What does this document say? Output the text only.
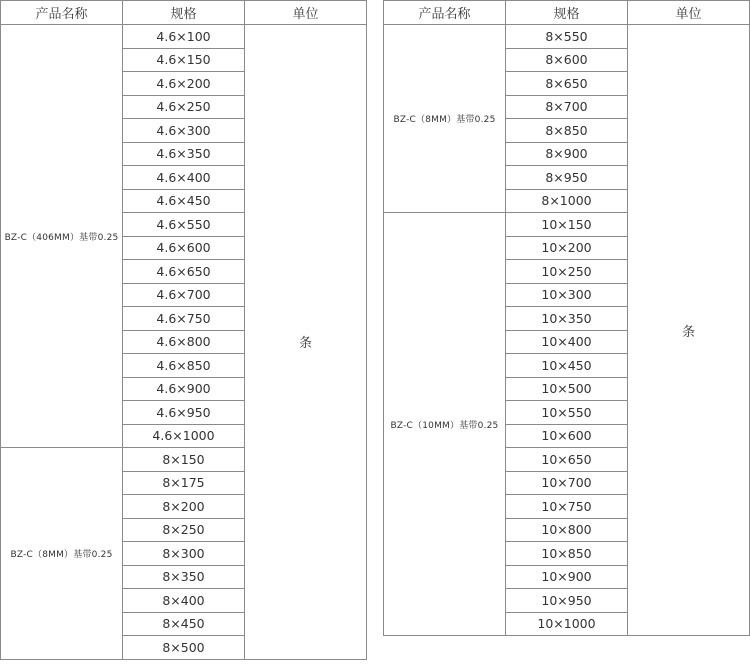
产品名称	规格	单位
BZ-C（406MM）基带0.25	4.6×100	条
	4.6×150	
	4.6×200	
	4.6×250	
	4.6×300	
	4.6×350	
	4.6×400	
	4.6×450	
	4.6×550	
	4.6×600	
	4.6×650	
	4.6×700	
	4.6×750	
	4.6×800	
	4.6×850	
	4.6×900	
	4.6×950	
	4.6×1000	
BZ-C（8MM）基带0.25	8×150	
	8×175	
	8×200	
	8×250	
	8×300	
	8×350	
	8×400	
	8×450	
	8×500	
产品名称	规格	单位
BZ-C（8MM）基带0.25	8×550	条
	8×600	
	8×650	
	8×700	
	8×850	
	8×900	
	8×950	
	8×1000	
BZ-C（10MM）基带0.25	10×150	
	10×200	
	10×250	
	10×300	
	10×350	
	10×400	
	10×450	
	10×500	
	10×550	
	10×600	
	10×650	
	10×700	
	10×750	
	10×800	
	10×850	
	10×900	
	10×950	
	10×1000	
